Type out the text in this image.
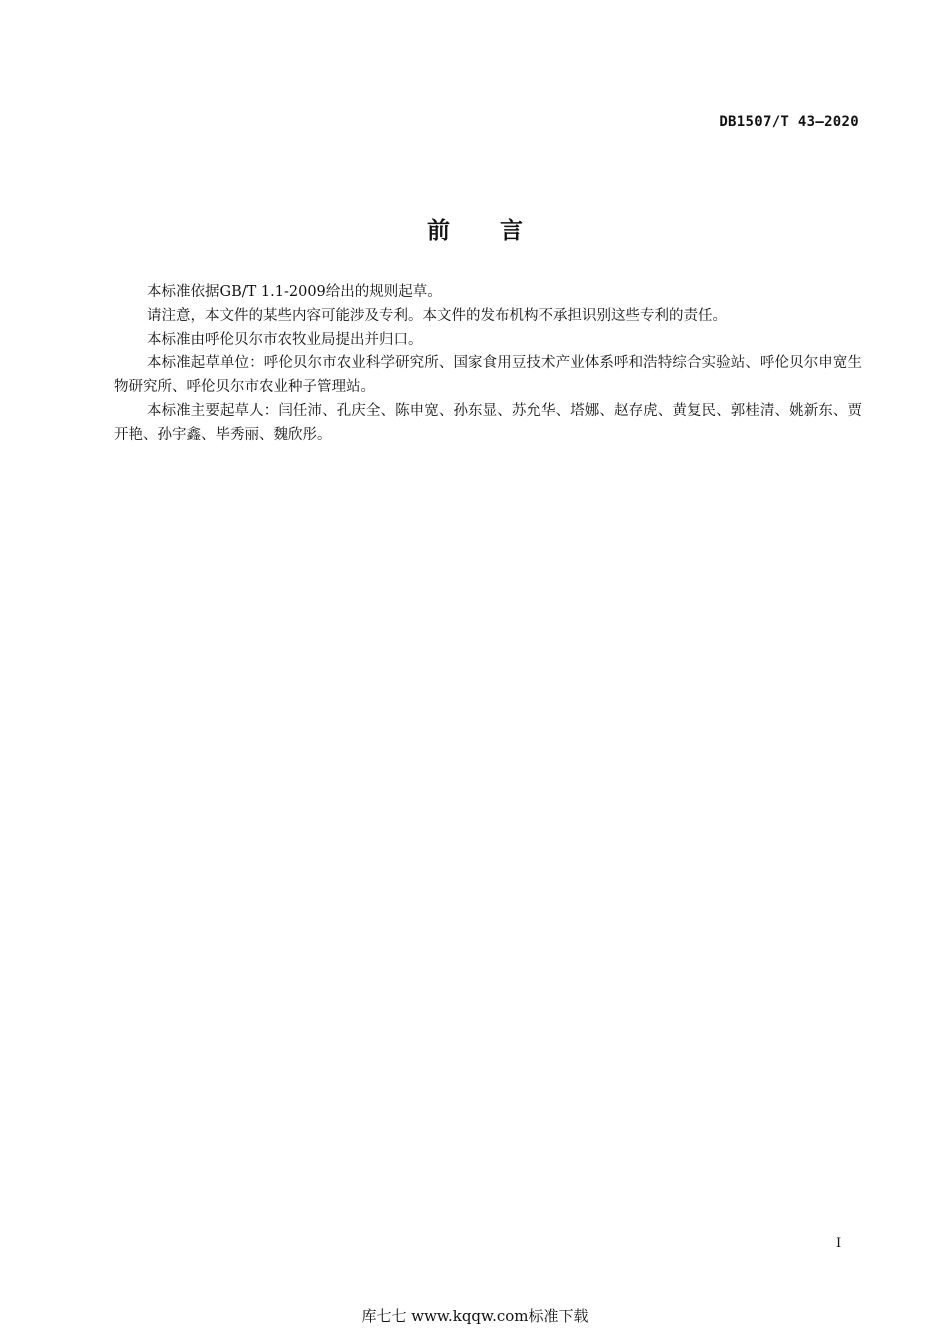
DB1507/T 43—2020
前言

本标准依据GB/T 1.1-2009给出的规则起草。

请注意，本文件的某些内容可能涉及专利。本文件的发布机构不承担识别这些专利的责任。

本标准由呼伦贝尔市农牧业局提出并归口。

本标准起草单位：呼伦贝尔市农业科学研究所、国家食用豆技术产业体系呼和浩特综合实验站、呼伦贝尔申宽生物研究所、呼伦贝尔市农业种子管理站。

本标准主要起草人：闫任沛、孔庆全、陈申宽、孙东显、苏允华、塔娜、赵存虎、黄复民、郭桂清、姚新东、贾开艳、孙宇鑫、毕秀丽、魏欣彤。

I
库七七 www.kqqw.com标准下载
